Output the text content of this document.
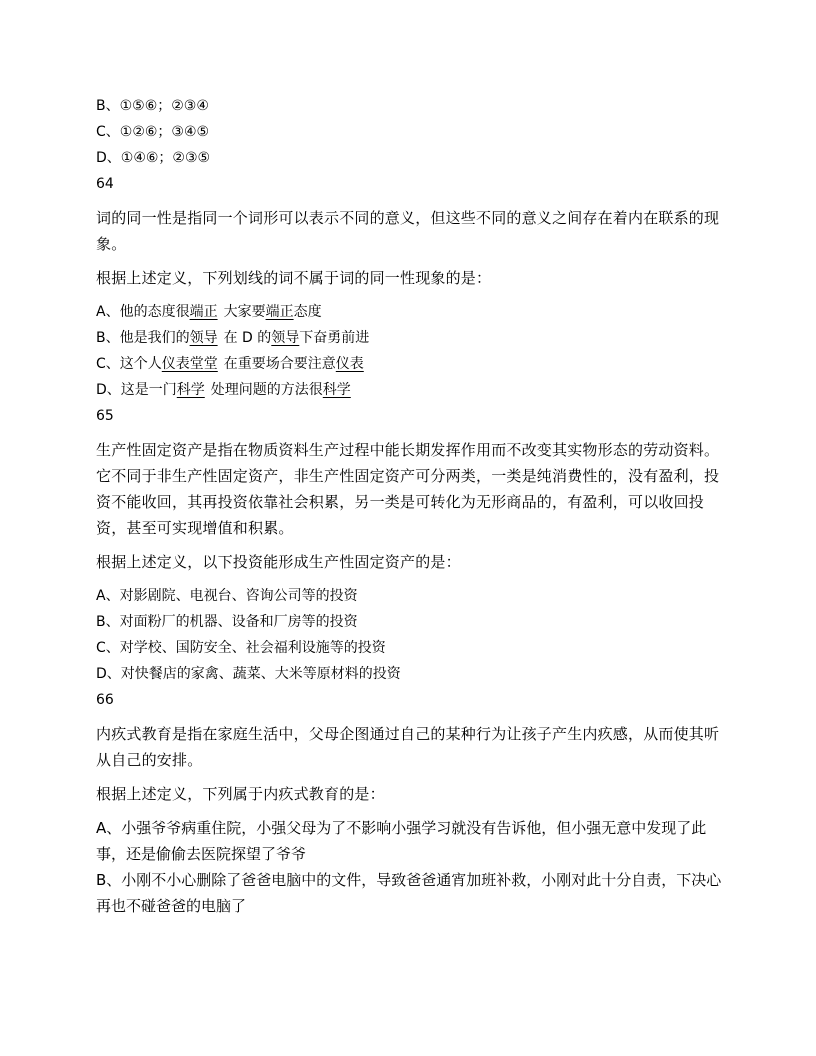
B、①⑤⑥；②③④
C、①②⑥；③④⑤
D、①④⑥；②③⑤
64
词的同一性是指同一个词形可以表示不同的意义，但这些不同的意义之间存在着内在联系的现象。
根据上述定义，下列划线的词不属于词的同一性现象的是：
A、他的态度很端正 大家要端正态度
B、他是我们的领导 在 D 的领导下奋勇前进
C、这个人仪表堂堂 在重要场合要注意仪表
D、这是一门科学 处理问题的方法很科学
65
生产性固定资产是指在物质资料生产过程中能长期发挥作用而不改变其实物形态的劳动资料。它不同于非生产性固定资产，非生产性固定资产可分两类，一类是纯消费性的，没有盈利，投资不能收回，其再投资依靠社会积累，另一类是可转化为无形商品的，有盈利，可以收回投资，甚至可实现增值和积累。
根据上述定义，以下投资能形成生产性固定资产的是：
A、对影剧院、电视台、咨询公司等的投资
B、对面粉厂的机器、设备和厂房等的投资
C、对学校、国防安全、社会福利设施等的投资
D、对快餐店的家禽、蔬菜、大米等原材料的投资
66
内疚式教育是指在家庭生活中，父母企图通过自己的某种行为让孩子产生内疚感，从而使其听从自己的安排。
根据上述定义，下列属于内疚式教育的是：
A、小强爷爷病重住院，小强父母为了不影响小强学习就没有告诉他，但小强无意中发现了此事，还是偷偷去医院探望了爷爷
B、小刚不小心删除了爸爸电脑中的文件，导致爸爸通宵加班补救，小刚对此十分自责，下决心再也不碰爸爸的电脑了
